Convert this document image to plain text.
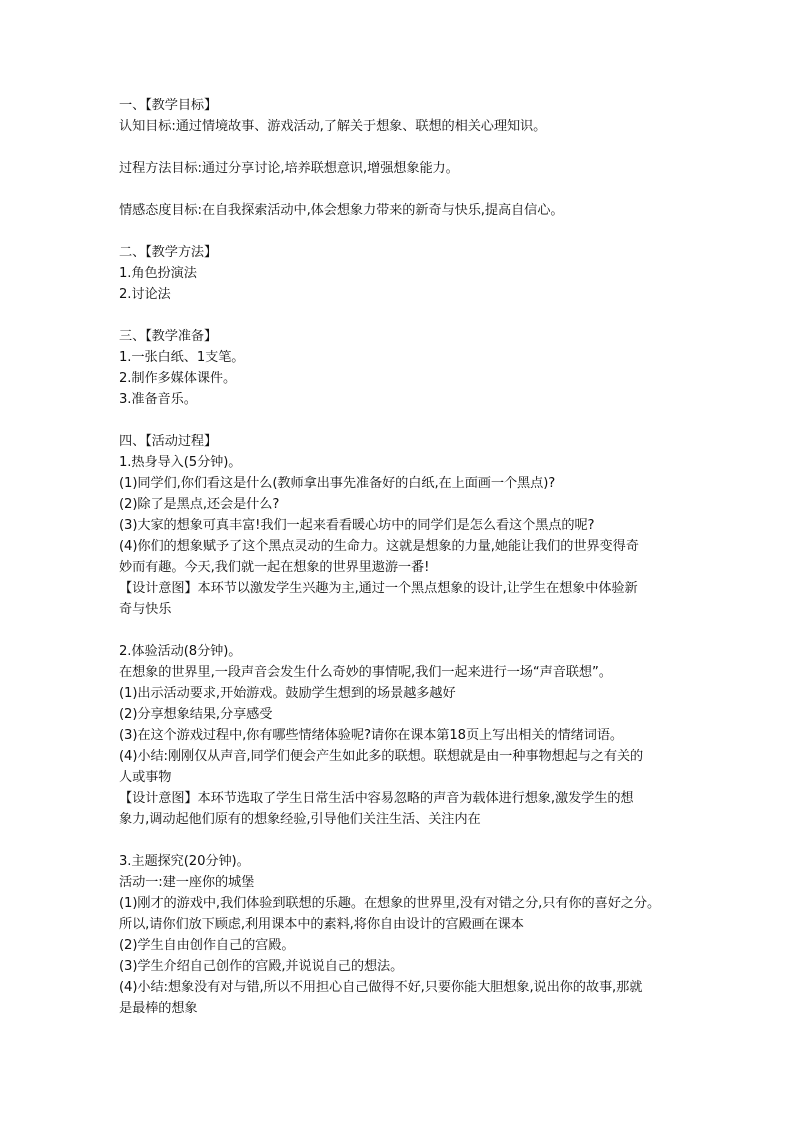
一、【教学目标】
认知目标:通过情境故事、游戏活动,了解关于想象、联想的相关心理知识。
过程方法目标:通过分享讨论,培养联想意识,增强想象能力。
情感态度目标:在自我探索活动中,体会想象力带来的新奇与快乐,提高自信心。
二、【教学方法】
1.角色扮演法
2.讨论法
三、【教学准备】
1.一张白纸、1支笔。
2.制作多媒体课件。
3.准备音乐。
四、【活动过程】
1.热身导入(5分钟)。
(1)同学们,你们看这是什么(教师拿出事先准备好的白纸,在上面画一个黑点)?
(2)除了是黑点,还会是什么?
(3)大家的想象可真丰富!我们一起来看看暖心坊中的同学们是怎么看这个黑点的呢?
(4)你们的想象赋予了这个黑点灵动的生命力。这就是想象的力量,她能让我们的世界变得奇
妙而有趣。今天,我们就一起在想象的世界里遨游一番!
【设计意图】本环节以激发学生兴趣为主,通过一个黑点想象的设计,让学生在想象中体验新
奇与快乐
2.体验活动(8分钟)。
在想象的世界里,一段声音会发生什么奇妙的事情呢,我们一起来进行一场“声音联想”。
(1)出示活动要求,开始游戏。鼓励学生想到的场景越多越好
(2)分享想象结果,分享感受
(3)在这个游戏过程中,你有哪些情绪体验呢?请你在课本第18页上写出相关的情绪词语。
(4)小结:刚刚仅从声音,同学们便会产生如此多的联想。联想就是由一种事物想起与之有关的
人或事物
【设计意图】本环节选取了学生日常生活中容易忽略的声音为载体进行想象,激发学生的想
象力,调动起他们原有的想象经验,引导他们关注生活、关注内在
3.主题探究(20分钟)。
活动一:建一座你的城堡
(1)刚才的游戏中,我们体验到联想的乐趣。在想象的世界里,没有对错之分,只有你的喜好之分。
所以,请你们放下顾虑,利用课本中的素料,将你自由设计的宫殿画在课本
(2)学生自由创作自己的宫殿。
(3)学生介绍自己创作的宫殿,并说说自己的想法。
(4)小结:想象没有对与错,所以不用担心自己做得不好,只要你能大胆想象,说出你的故事,那就
是最棒的想象
